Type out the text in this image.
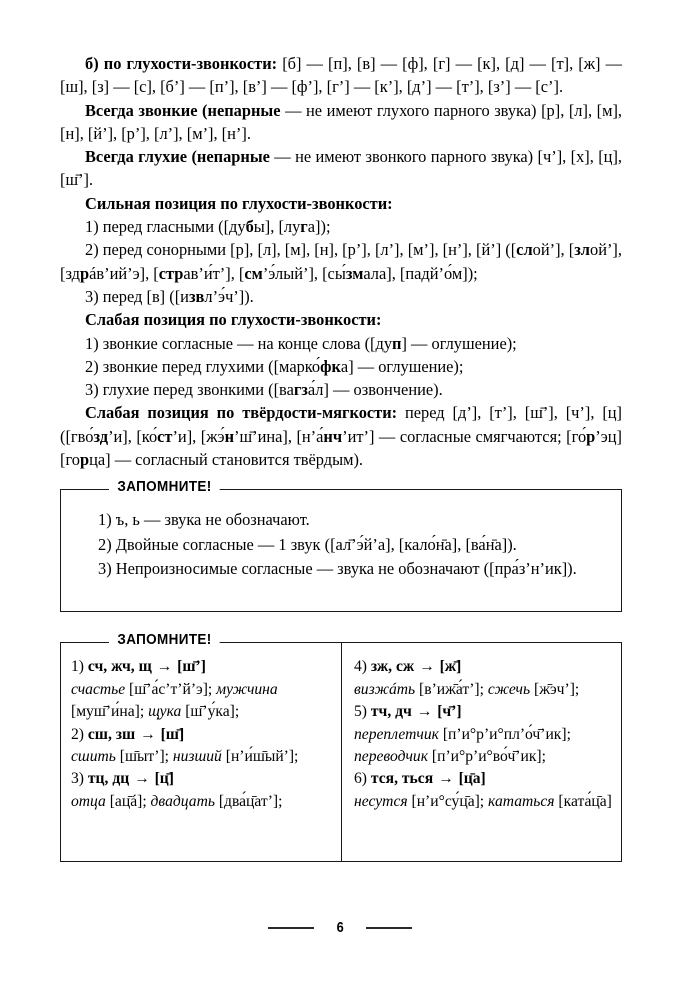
б) по глухости-звонкости: [б] — [п], [в] — [ф], [г] — [к], [д] — [т], [ж] — [ш], [з] — [с], [б’] — [п’], [в’] — [ф’], [г’] — [к’], [д’] — [т’], [з’] — [с’].

Всегда звонкие (непарные — не имеют глухого парного звука) [р], [л], [м], [н], [й’], [р’], [л’], [м’], [н’].

Всегда глухие (непарные — не имеют звонкого парного звука) [ч’], [х], [ц], [ш̄’].

Сильная позиция по глухости-звонкости:

1) перед гласными ([дубы], [луга]);

2) перед сонорными [р], [л], [м], [н], [р’], [л’], [м’], [н’], [й’] ([слой’], [злой’], [здрáв’ий’э], [страв’и́т’], [см’э́лый’], [сы́змала], [падй’о́м]);

3) перед [в] ([извл’э́ч’]).

Слабая позиция по глухости-звонкости:

1) звонкие согласные — на конце слова ([дуп] — оглушение);

2) звонкие перед глухими ([марко́фка] — оглушение);

3) глухие перед звонкими ([вагза́л] — озвончение).

Слабая позиция по твёрдости-мягкости: перед [д’], [т’], [ш̄’], [ч’], [ц] ([гво́зд’и], [ко́ст’и], [жэ́н’ш̄’ина], [н’а́нч’ит’] — согласные смягчаются; [го́р’эц] [горца] — согласный становится твёрдым).

ЗАПОМНИТЕ!

1) ъ, ь — звука не обозначают.

2) Двойные согласные — 1 звук ([ал̄’э́й’а], [кало́н̄а], [ва́н̄а]).

3) Непроизносимые согласные — звука не обозначают ([пра́з’н’ик]).

ЗАПОМНИТЕ!
1) сч, жч, щ → [ш̄’]
счастье [ш̄’а́с’т’й’э]; мужчина [муш̄’и́на]; щука [ш̄’у́ка];
2) сш, зш → [ш̄]
сшить [ш̄ыт’]; низший [н’и́ш̄ый’];
3) тц, дц → [ц̄]
отца [ац̄á]; двадцать [два́ц̄ат’];
4) зж, сж → [ж̄]
визжáть [в’иж̄а́т’]; сжечь [ж̄эч’];
5) тч, дч → [ч̄’]
переплетчик [п’и°р’и°пл’о́ч̄’ик]; переводчик [п’и°р’и°во́ч̄’ик];
6) тся, ться → [ц̄а]
несутся [н’и°су́ц̄а]; кататься [ката́ц̄а]
6
